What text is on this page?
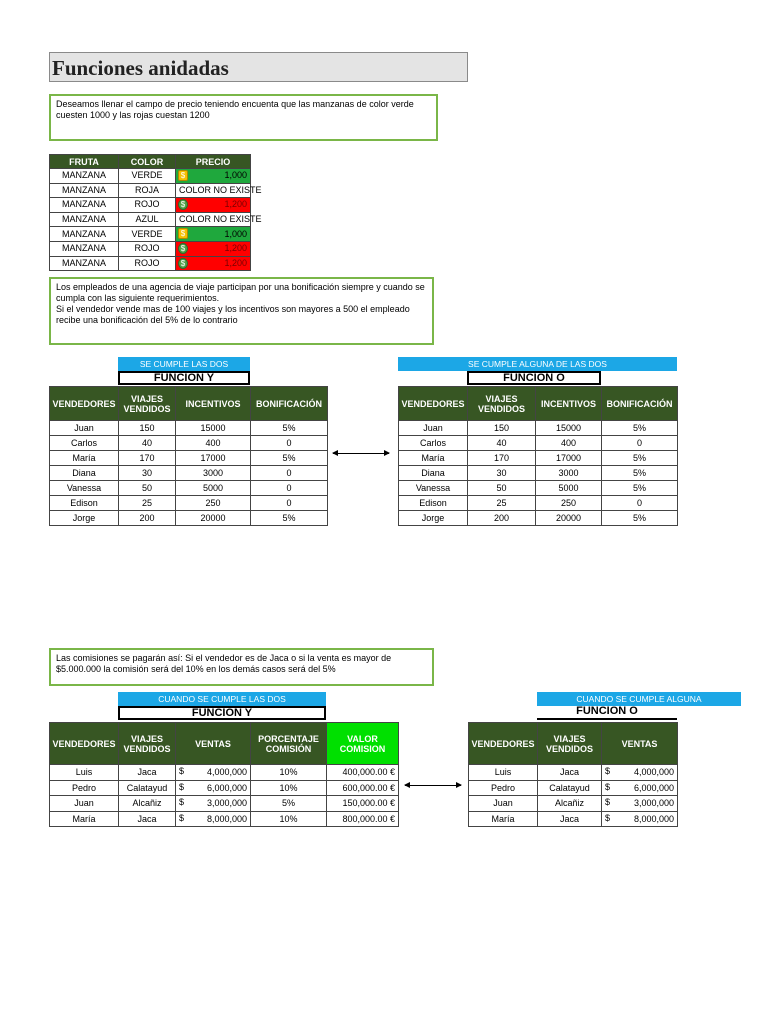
Funciones anidadas
Deseamos llenar el campo de precio teniendo encuenta que las manzanas de color verde cuesten 1000 y las rojas cuestan 1200
FRUTA	COLOR	PRECIO
MANZANA	VERDE	$ 1,000
MANZANA	ROJA	COLOR NO EXISTE
MANZANA	ROJO	$ 1,200
MANZANA	AZUL	COLOR NO EXISTE
MANZANA	VERDE	$ 1,000
MANZANA	ROJO	$ 1,200
MANZANA	ROJO	$ 1,200
Los empleados de una agencia de viaje participan por una bonificación siempre y cuando se cumpla con las siguiente requerimientos.
Si el vendedor vende mas de 100 viajes y los incentivos son mayores a 500 el empleado recibe una bonificación del 5% de lo contrario
SE CUMPLE LAS DOS
FUNCION Y
VENDEDORES	VIAJES VENDIDOS	INCENTIVOS	BONIFICACIÓN
Juan	150	15000	5%
Carlos	40	400	0
María	170	17000	5%
Diana	30	3000	0
Vanessa	50	5000	0
Edison	25	250	0
Jorge	200	20000	5%
SE CUMPLE ALGUNA DE LAS DOS
FUNCION O
VENDEDORES	VIAJES VENDIDOS	INCENTIVOS	BONIFICACIÓN
Juan	150	15000	5%
Carlos	40	400	0
María	170	17000	5%
Diana	30	3000	5%
Vanessa	50	5000	5%
Edison	25	250	0
Jorge	200	20000	5%
Las comisiones se pagarán así: Si el vendedor es de Jaca o si la venta es mayor de $5.000.000 la comisión será del 10% en los demás casos será del 5%
CUANDO SE CUMPLE LAS DOS
FUNCION Y
VENDEDORES	VIAJES VENDIDOS	VENTAS	PORCENTAJE COMISIÓN	VALOR COMISION
Luis	Jaca	$ 4,000,000	10%	400,000.00 €
Pedro	Calatayud	$ 6,000,000	10%	600,000.00 €
Juan	Alcañiz	$ 3,000,000	5%	150,000.00 €
María	Jaca	$ 8,000,000	10%	800,000.00 €
CUANDO SE CUMPLE ALGUNA
FUNCION O
VENDEDORES	VIAJES VENDIDOS	VENTAS
Luis	Jaca	$ 4,000,000
Pedro	Calatayud	$ 6,000,000
Juan	Alcañiz	$ 3,000,000
María	Jaca	$ 8,000,000
